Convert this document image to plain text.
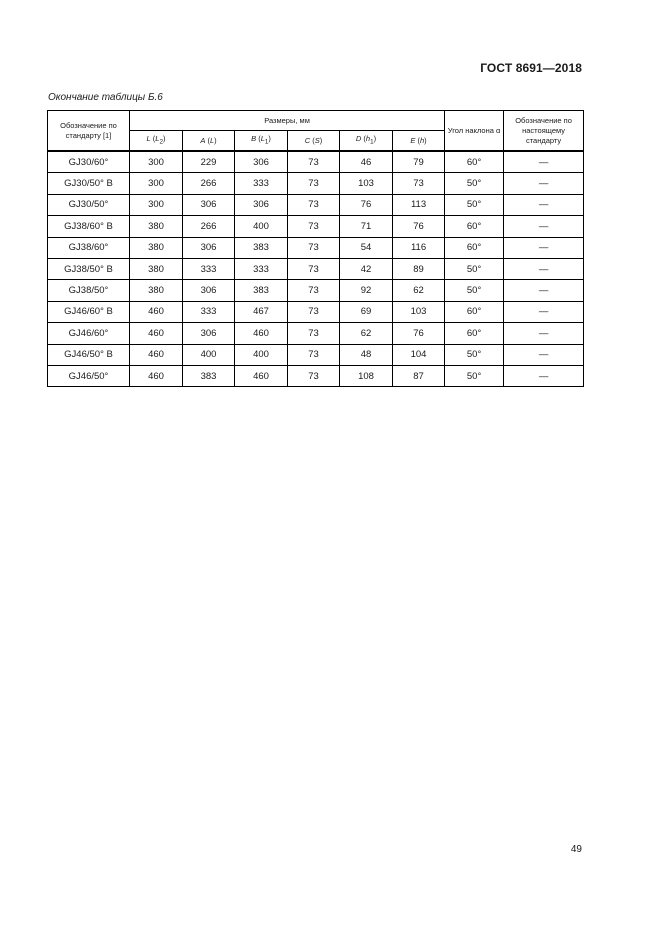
ГОСТ 8691—2018
Окончание таблицы Б.6
Обозначение по стандарту [1]	Размеры, мм						Угол наклона α	Обозначение по настоящему стандарту
	L $(L_2)$	A (L)	B $(L_1)$	C (S)	D $(h_1)$	E (h)		
GJ30/60°	300	229	306	73	46	79	60°	—
GJ30/50° B	300	266	333	73	103	73	50°	—
GJ30/50°	300	306	306	73	76	113	50°	—
GJ38/60° B	380	266	400	73	71	76	60°	—
GJ38/60°	380	306	383	73	54	116	60°	—
GJ38/50° B	380	333	333	73	42	89	50°	—
GJ38/50°	380	306	383	73	92	62	50°	—
GJ46/60° B	460	333	467	73	69	103	60°	—
GJ46/60°	460	306	460	73	62	76	60°	—
GJ46/50° B	460	400	400	73	48	104	50°	—
GJ46/50°	460	383	460	73	108	87	50°	—
49
